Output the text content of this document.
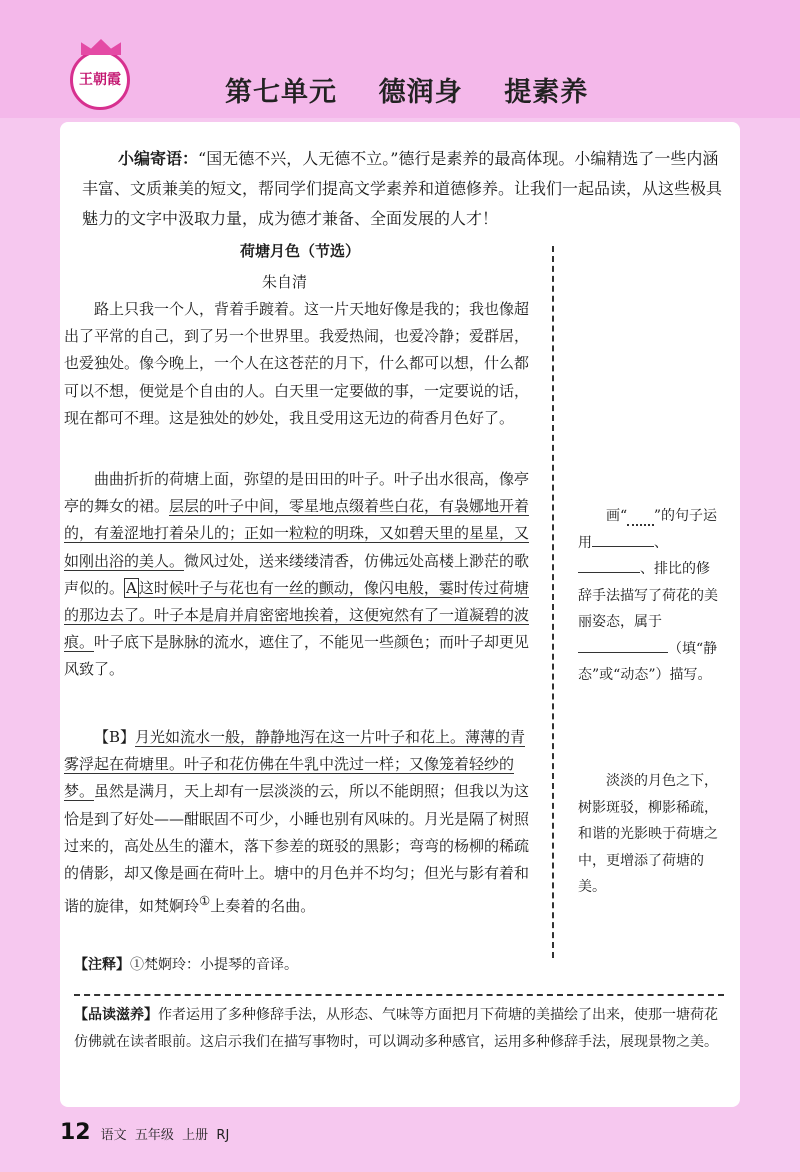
王朝霞	第七单元    德润身    提素养
小编寄语：“国无德不兴，人无德不立。”德行是素养的最高体现。小编精选了一些内涵丰富、文质兼美的短文，帮同学们提高文学素养和道德修养。让我们一起品读，从这些极具魅力的文字中汲取力量，成为德才兼备、全面发展的人才！
荷塘月色（节选）
朱自清
路上只我一个人，背着手踱着。这一片天地好像是我的；我也像超出了平常的自己，到了另一个世界里。我爱热闹，也爱冷静；爱群居，也爱独处。像今晚上，一个人在这苍茫的月下，什么都可以想，什么都可以不想，便觉是个自由的人。白天里一定要做的事，一定要说的话，现在都可不理。这是独处的妙处，我且受用这无边的荷香月色好了。
曲曲折折的荷塘上面，弥望的是田田的叶子。叶子出水很高，像亭亭的舞女的裙。层层的叶子中间，零星地点缀着些白花，有袅娜地开着的，有羞涩地打着朵儿的；正如一粒粒的明珠，又如碧天里的星星，又如刚出浴的美人。微风过处，送来缕缕清香，仿佛远处高楼上渺茫的歌声似的。 A 这时候叶子与花也有一丝的颤动，像闪电般，霎时传过荷塘的那边去了。叶子本是肩并肩密密地挨着，这便宛然有了一道凝碧的波痕。叶子底下是脉脉的流水，遮住了，不能见一些颜色；而叶子却更见风致了。
【B】月光如流水一般，静静地泻在这一片叶子和花上。薄薄的青雾浮起在荷塘里。叶子和花仿佛在牛乳中洗过一样；又像笼着轻纱的梦。虽然是满月，天上却有一层淡淡的云，所以不能朗照；但我以为这恰是到了好处——酣眠固不可少，小睡也别有风味的。月光是隔了树照过来的，高处丛生的灌木，落下参差的斑驳的黑影；弯弯的杨柳的稀疏的倩影，却又像是画在荷叶上。塘中的月色并不均匀；但光与影有着和谐的旋律，如梵婀玲①上奏着的名曲。
【注释】①梵婀玲：小提琴的音译。
画“ ”的句子运用	、、排比的修辞手法描写了荷花的美丽姿态，属于（填“静态”或“动态”）描写。
淡淡的月色之下，树影斑驳，柳影稀疏，和谐的光影映于荷塘之中，更增添了荷塘的美。
【品读滋养】作者运用了多种修辞手法，从形态、气味等方面把月下荷塘的美描绘了出来，使那一塘荷花仿佛就在读者眼前。这启示我们在描写事物时，可以调动多种感官，运用多种修辞手法，展现景物之美。
12 语文  五年级  上册  RJ
